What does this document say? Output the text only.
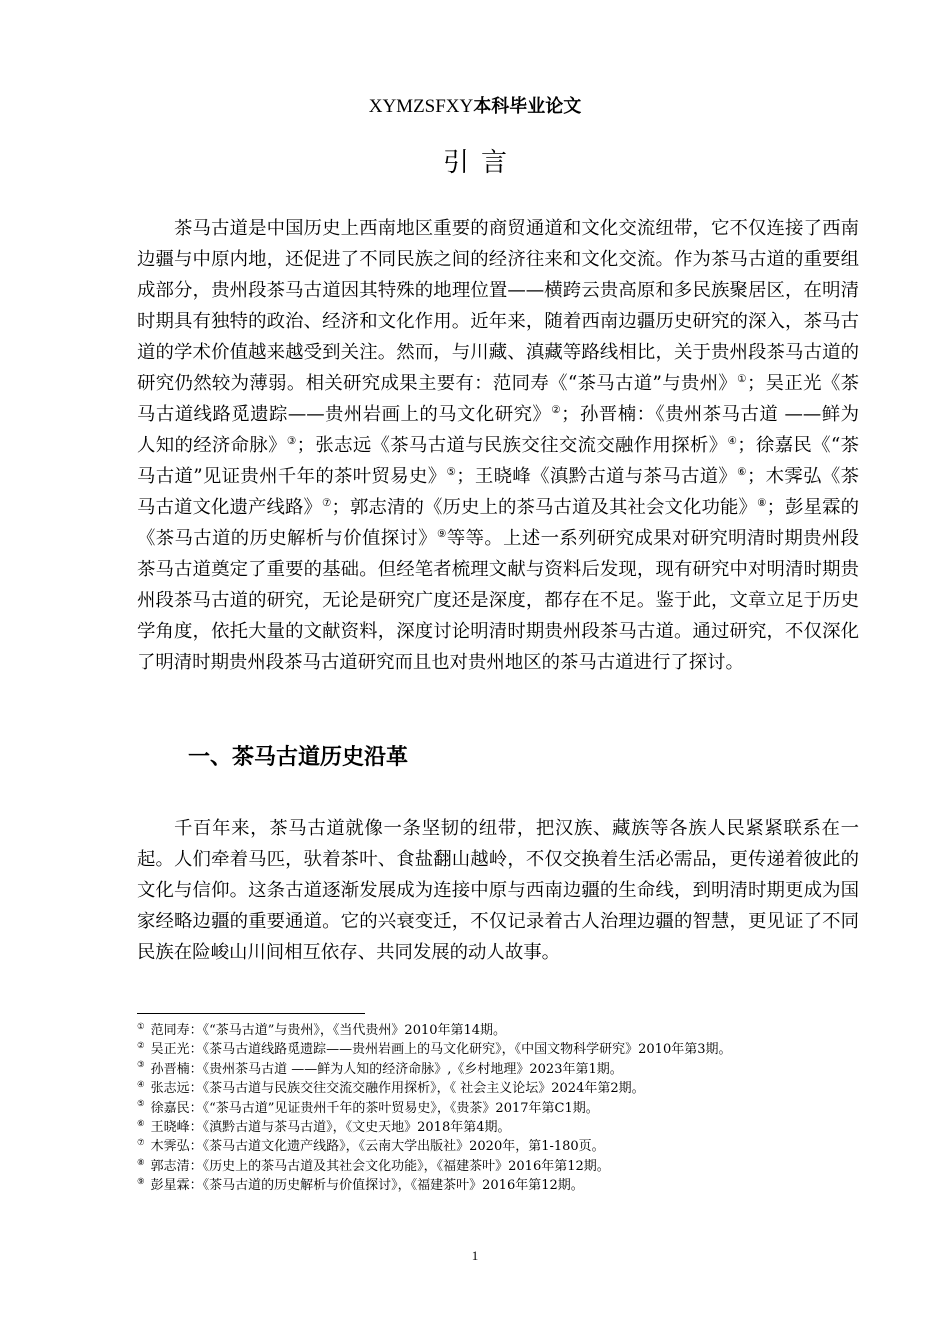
XYMZSFXY本科毕业论文
引言

茶马古道是中国历史上西南地区重要的商贸通道和文化交流纽带，它不仅连接了西南边疆与中原内地，还促进了不同民族之间的经济往来和文化交流。作为茶马古道的重要组成部分，贵州段茶马古道因其特殊的地理位置——横跨云贵高原和多民族聚居区，在明清时期具有独特的政治、经济和文化作用。近年来，随着西南边疆历史研究的深入，茶马古道的学术价值越来越受到关注。然而，与川藏、滇藏等路线相比，关于贵州段茶马古道的研究仍然较为薄弱。相关研究成果主要有：范同寿《“茶马古道”与贵州》①；吴正光《茶马古道线路觅遗踪——贵州岩画上的马文化研究》②；孙晋楠：《贵州茶马古道 ——鲜为人知的经济命脉》③；张志远《茶马古道与民族交往交流交融作用探析》④；徐嘉民《“茶马古道”见证贵州千年的茶叶贸易史》⑤；王晓峰《滇黔古道与茶马古道》⑥；木霁弘《茶马古道文化遗产线路》⑦；郭志清的《历史上的茶马古道及其社会文化功能》⑧；彭星霖的《茶马古道的历史解析与价值探讨》⑨等等。上述一系列研究成果对研究明清时期贵州段茶马古道奠定了重要的基础。但经笔者梳理文献与资料后发现，现有研究中对明清时期贵州段茶马古道的研究，无论是研究广度还是深度，都存在不足。鉴于此，文章立足于历史学角度，依托大量的文献资料，深度讨论明清时期贵州段茶马古道。通过研究，不仅深化了明清时期贵州段茶马古道研究而且也对贵州地区的茶马古道进行了探讨。

一、茶马古道历史沿革

千百年来，茶马古道就像一条坚韧的纽带，把汉族、藏族等各族人民紧紧联系在一起。人们牵着马匹，驮着茶叶、食盐翻山越岭，不仅交换着生活必需品，更传递着彼此的文化与信仰。这条古道逐渐发展成为连接中原与西南边疆的生命线，到明清时期更成为国家经略边疆的重要通道。它的兴衰变迁，不仅记录着古人治理边疆的智慧，更见证了不同民族在险峻山川间相互依存、共同发展的动人故事。

① 范同寿：《“茶马古道”与贵州》，《当代贵州》2010年第14期。
② 吴正光：《茶马古道线路觅遗踪——贵州岩画上的马文化研究》，《中国文物科学研究》2010年第3期。
③ 孙晋楠：《贵州茶马古道 ——鲜为人知的经济命脉》,《乡村地理》2023年第1期。
④ 张志远：《茶马古道与民族交往交流交融作用探析》，《 社会主义论坛》2024年第2期。
⑤ 徐嘉民：《“茶马古道”见证贵州千年的茶叶贸易史》，《贵茶》2017年第C1期。
⑥ 王晓峰：《滇黔古道与茶马古道》，《文史天地》2018年第4期。
⑦ 木霁弘：《茶马古道文化遗产线路》，《云南大学出版社》2020年，第1-180页。
⑧ 郭志清：《历史上的茶马古道及其社会文化功能》，《福建茶叶》2016年第12期。
⑨ 彭星霖：《茶马古道的历史解析与价值探讨》，《福建茶叶》2016年第12期。
1
